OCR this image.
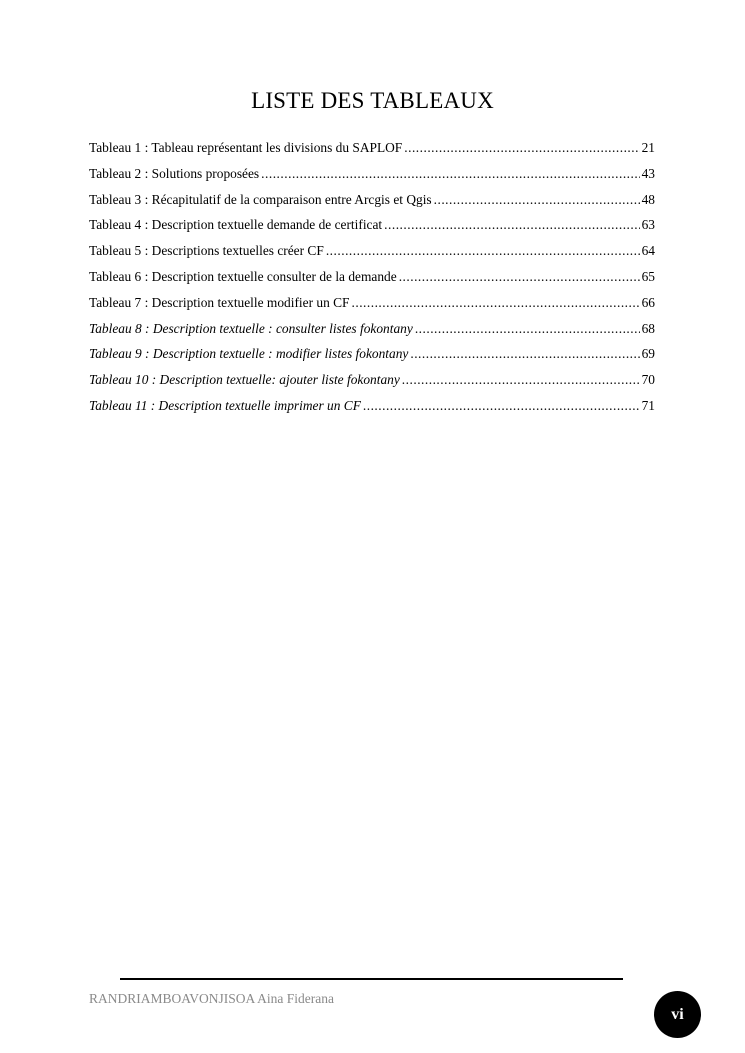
LISTE DES TABLEAUX
Tableau 1 : Tableau représentant les divisions du SAPLOF .....	21
Tableau 2 : Solutions proposées .....	43
Tableau 3 : Récapitulatif de la comparaison entre Arcgis et Qgis .....	48
Tableau 4 : Description textuelle demande de certificat .....	63
Tableau 5 : Descriptions textuelles créer CF .....	64
Tableau 6 : Description textuelle consulter de la demande .....	65
Tableau 7 : Description textuelle modifier un CF .....	66
Tableau 8 : Description textuelle : consulter listes fokontany .....	68
Tableau 9 : Description textuelle : modifier listes fokontany .....	69
Tableau 10 : Description textuelle: ajouter liste fokontany .....	70
Tableau 11 : Description textuelle imprimer un CF .....	71
RANDRIAMBOAVONJISOA Aina Fiderana
vi
